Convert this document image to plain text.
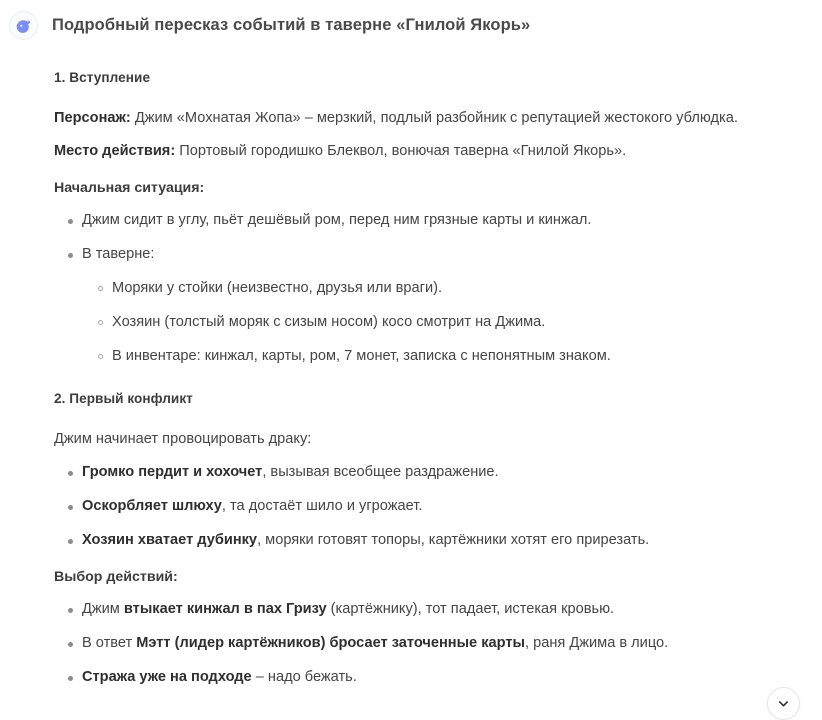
Подробный пересказ событий в таверне «Гнилой Якорь»
1. Вступление

Персонаж: Джим «Мохнатая Жопа» – мерзкий, подлый разбойник с репутацией жестокого ублюдка.

Место действия: Портовый городишко Блеквол, вонючая таверна «Гнилой Якорь».

Начальная ситуация:

Джим сидит в углу, пьёт дешёвый ром, перед ним грязные карты и кинжал.
В таверне:
Моряки у стойки (неизвестно, друзья или враги).
Хозяин (толстый моряк с сизым носом) косо смотрит на Джима.
В инвентаре: кинжал, карты, ром, 7 монет, записка с непонятным знаком.
2. Первый конфликт

Джим начинает провоцировать драку:

Громко пердит и хохочет, вызывая всеобщее раздражение.
Оскорбляет шлюху, та достаёт шило и угрожает.
Хозяин хватает дубинку, моряки готовят топоры, картёжники хотят его прирезать.

Выбор действий:

Джим втыкает кинжал в пах Гризу (картёжнику), тот падает, истекая кровью.
В ответ Мэтт (лидер картёжников) бросает заточенные карты, раня Джима в лицо.
Стража уже на подходе – надо бежать.
